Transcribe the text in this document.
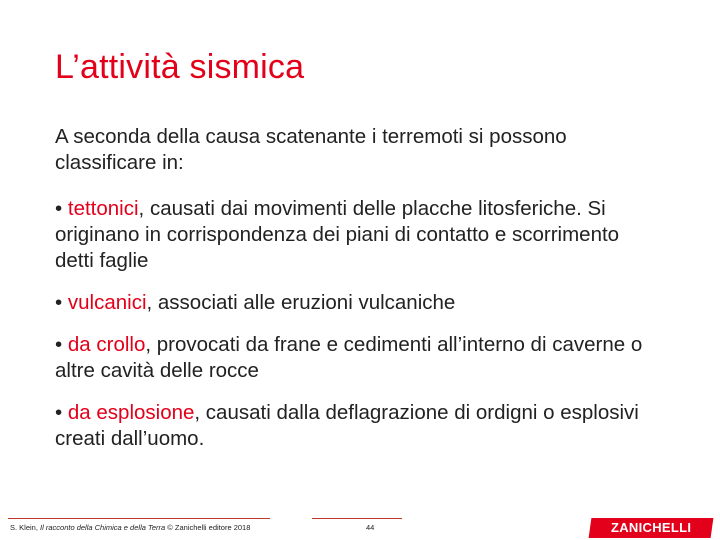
L’attività sismica

A seconda della causa scatenante i terremoti si possono classificare in:

• tettonici, causati dai movimenti delle placche litosferiche. Si originano in corrispondenza dei piani di contatto e scorrimento detti faglie

• vulcanici, associati alle eruzioni vulcaniche

• da crollo, provocati da frane e cedimenti all’interno di caverne o altre cavità delle rocce

• da esplosione, causati dalla deflagrazione di ordigni o esplosivi creati dall’uomo.

S. Klein, Il racconto della Chimica e della Terra © Zanichelli editore 2018	44	ZANICHELLI
